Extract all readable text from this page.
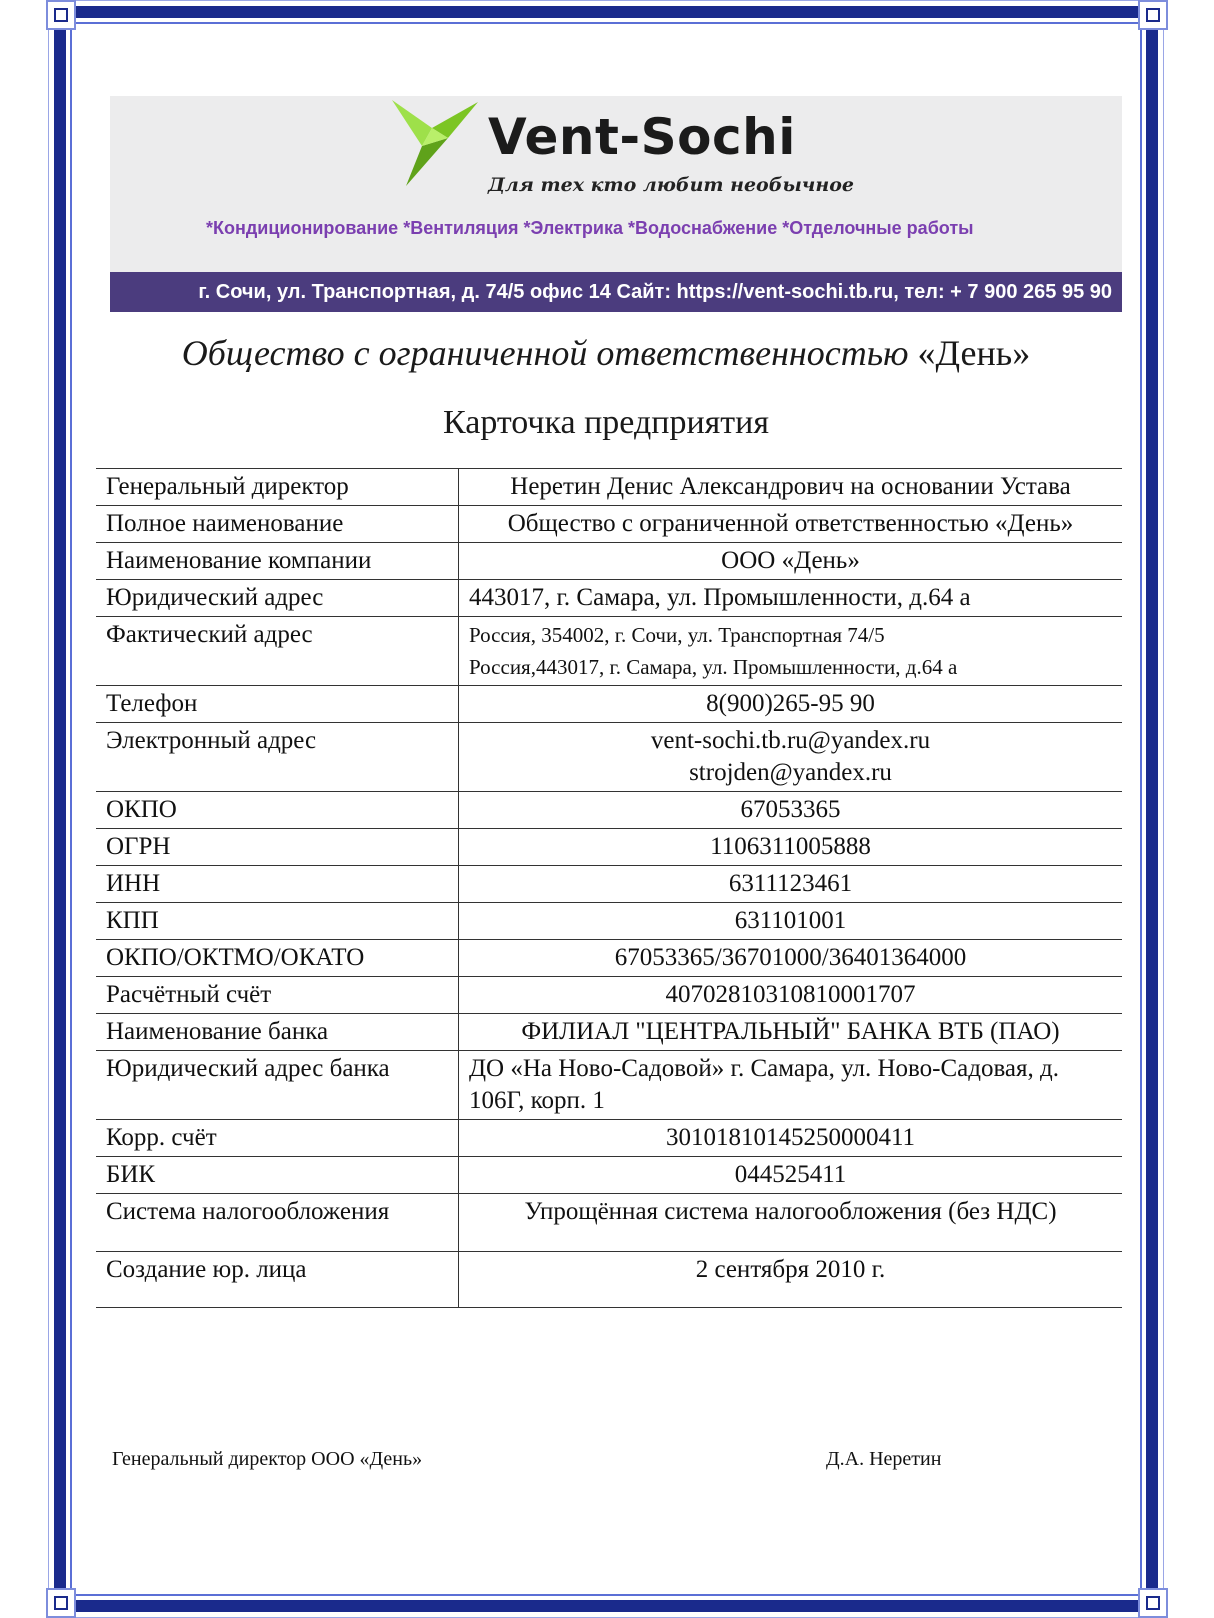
Vent-Sochi
Для тех кто любит необычное
*Кондиционирование *Вентиляция *Электрика *Водоснабжение *Отделочные работы
г. Сочи, ул. Транспортная, д. 74/5 офис 14 Сайт: https://vent-sochi.tb.ru, тел: + 7 900 265 95 90
Общество с ограниченной ответственностью «День»
Карточка предприятия
Генеральный директор	Неретин Денис Александрович на основании Устава
Полное наименование	Общество с ограниченной ответственностью «День»
Наименование компании	ООО «День»
Юридический адрес	443017, г. Самара, ул. Промышленности, д.64 а
Фактический адрес	Россия, 354002, г. Сочи, ул. Транспортная 74/5
Россия,443017, г. Самара, ул. Промышленности, д.64 а

Телефон	8(900)265-95 90
Электронный адрес	vent-sochi.tb.ru@yandex.ru
strojden@yandex.ru

ОКПО	67053365
ОГРН	1106311005888
ИНН	6311123461
КПП	631101001
ОКПО/ОКТМО/ОКАТО	67053365/36701000/36401364000
Расчётный счёт	40702810310810001707
Наименование банка	ФИЛИАЛ "ЦЕНТРАЛЬНЫЙ" БАНКА ВТБ (ПАО)
Юридический адрес банка	ДО «На Ново-Садовой» г. Самара, ул. Ново-Садовая, д. 106Г, корп. 1
Корр. счёт	30101810145250000411
БИК	044525411
Система налогообложения	Упрощённая система налогообложения (без НДС)
Создание юр. лица	2 сентября 2010 г.
Генеральный директор ООО «День»	Д.А. Неретин
